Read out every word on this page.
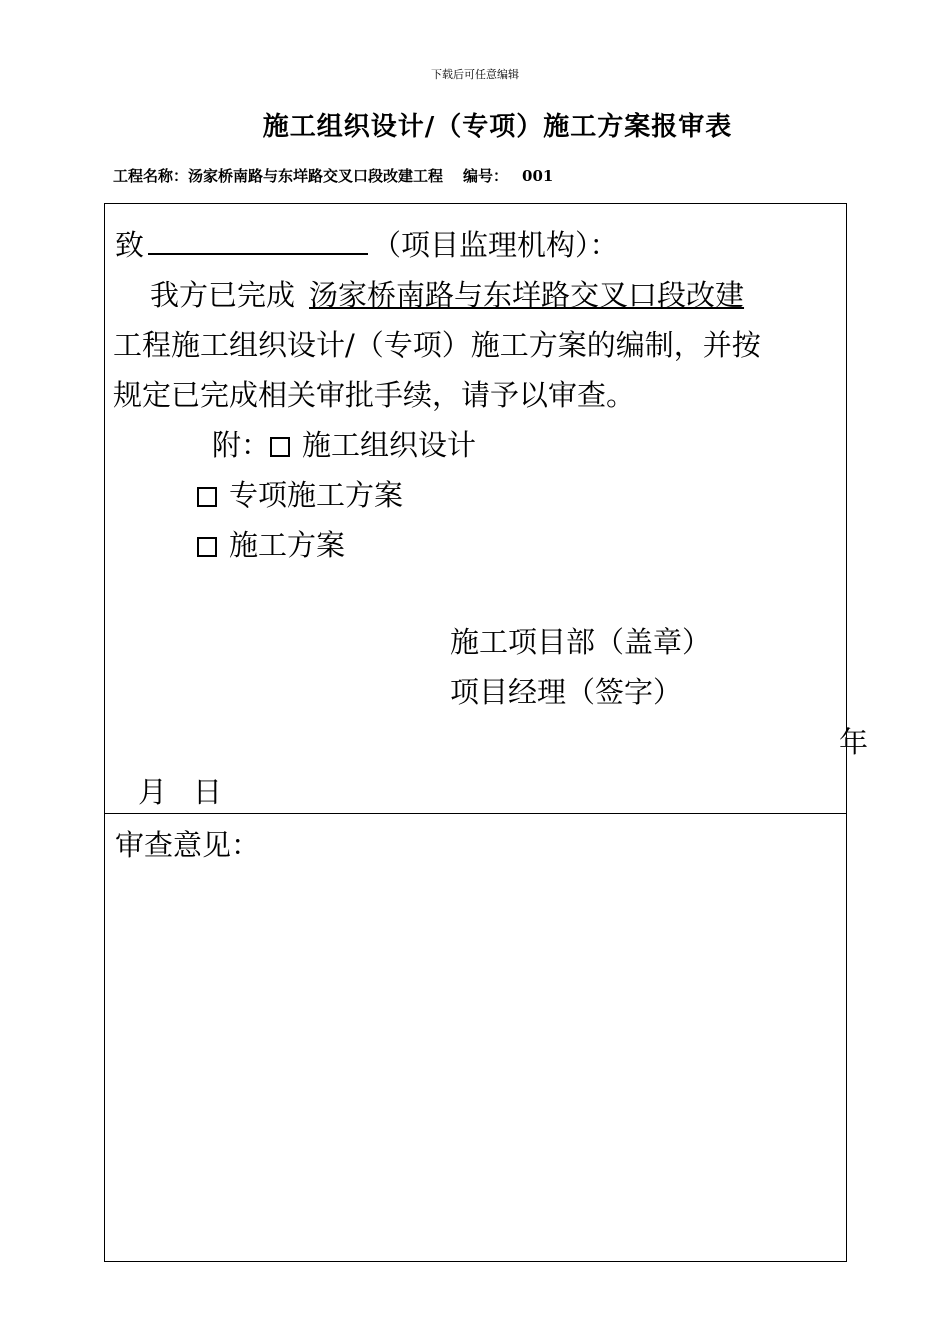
下载后可任意编辑
施工组织设计/（专项）施工方案报审表
工程名称：汤家桥南路与东垟路交叉口段改建工程 编号： 001
致	（项目监理机构）：
我方已完成 汤家桥南路与东垟路交叉口段改建
工程施工组织设计/（专项）施工方案的编制，并按
规定已完成相关审批手续，请予以审查。
附： 施工组织设计
专项施工方案
施工方案
施工项目部（盖章）
项目经理（签字）
年
月 日
审查意见：
